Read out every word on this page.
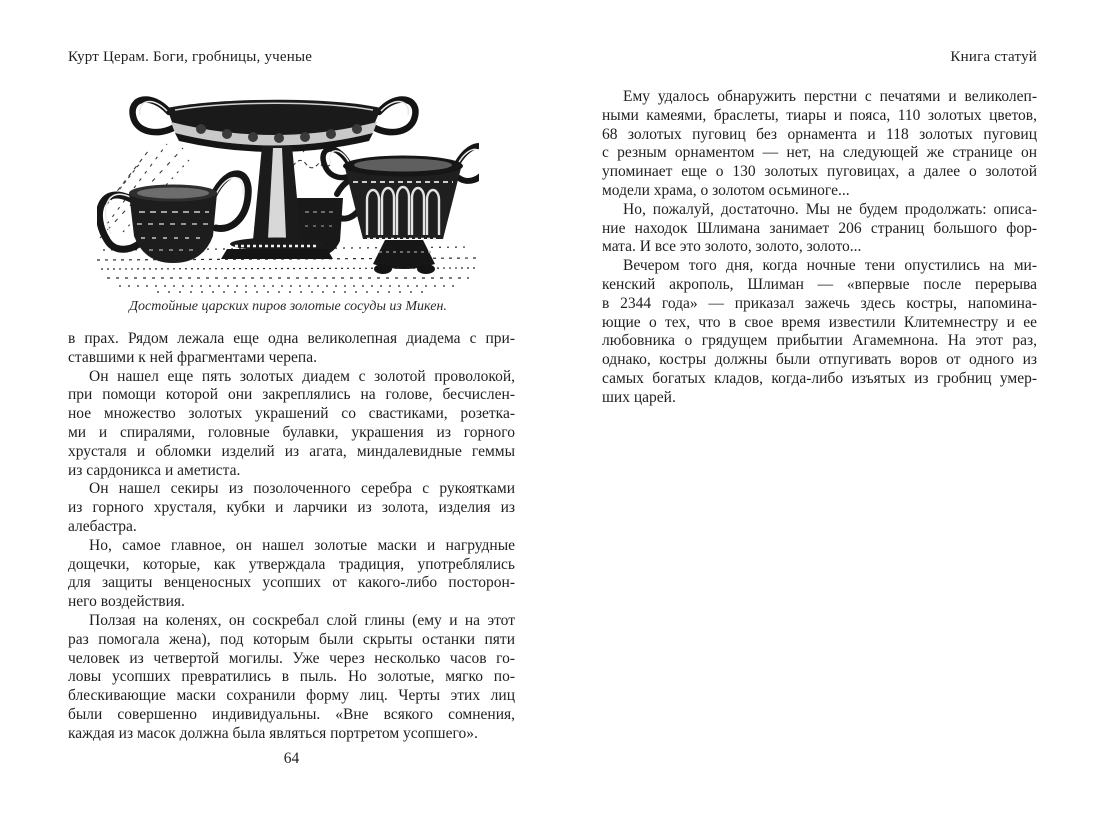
Курт Церам. Боги, гробницы, ученые	Книга статуй
Достойные царских пиров золотые сосуды из Микен.
в прах. Рядом лежала еще одна великолепная диадема с при-
ставшими к ней фрагментами черепа.
Он нашел еще пять золотых диадем с золотой проволокой,
при помощи которой они закреплялись на голове, бесчислен-
ное множество золотых украшений со свастиками, розетка-
ми и спиралями, головные булавки, украшения из горного
хрусталя и обломки изделий из агата, миндалевидные геммы
из сардоникса и аметиста.
Он нашел секиры из позолоченного серебра с рукоятками
из горного хрусталя, кубки и ларчики из золота, изделия из
алебастра.
Но, самое главное, он нашел золотые маски и нагрудные
дощечки, которые, как утверждала традиция, употреблялись
для защиты венценосных усопших от какого-либо посторон-
него воздействия.
Ползая на коленях, он соскребал слой глины (ему и на этот
раз помогала жена), под которым были скрыты останки пяти
человек из четвертой могилы. Уже через несколько часов го-
ловы усопших превратились в пыль. Но золотые, мягко по-
блескивающие маски сохранили форму лиц. Черты этих лиц
были совершенно индивидуальны. «Вне всякого сомнения,
каждая из масок должна была являться портретом усопшего».
Ему удалось обнаружить перстни с печатями и великолеп-
ными камеями, браслеты, тиары и пояса, 110 золотых цветов,
68 золотых пуговиц без орнамента и 118 золотых пуговиц
с резным орнаментом — нет, на следующей же странице он
упоминает еще о 130 золотых пуговицах, а далее о золотой
модели храма, о золотом осьминоге...
Но, пожалуй, достаточно. Мы не будем продолжать: описа-
ние находок Шлимана занимает 206 страниц большого фор-
мата. И все это золото, золото, золото...
Вечером того дня, когда ночные тени опустились на ми-
кенский акрополь, Шлиман — «впервые после перерыва
в 2344 года» — приказал зажечь здесь костры, напомина-
ющие о тех, что в свое время известили Клитемнестру и ее
любовника о грядущем прибытии Агамемнона. На этот раз,
однако, костры должны были отпугивать воров от одного из
самых богатых кладов, когда-либо изъятых из гробниц умер-
ших царей.
64
